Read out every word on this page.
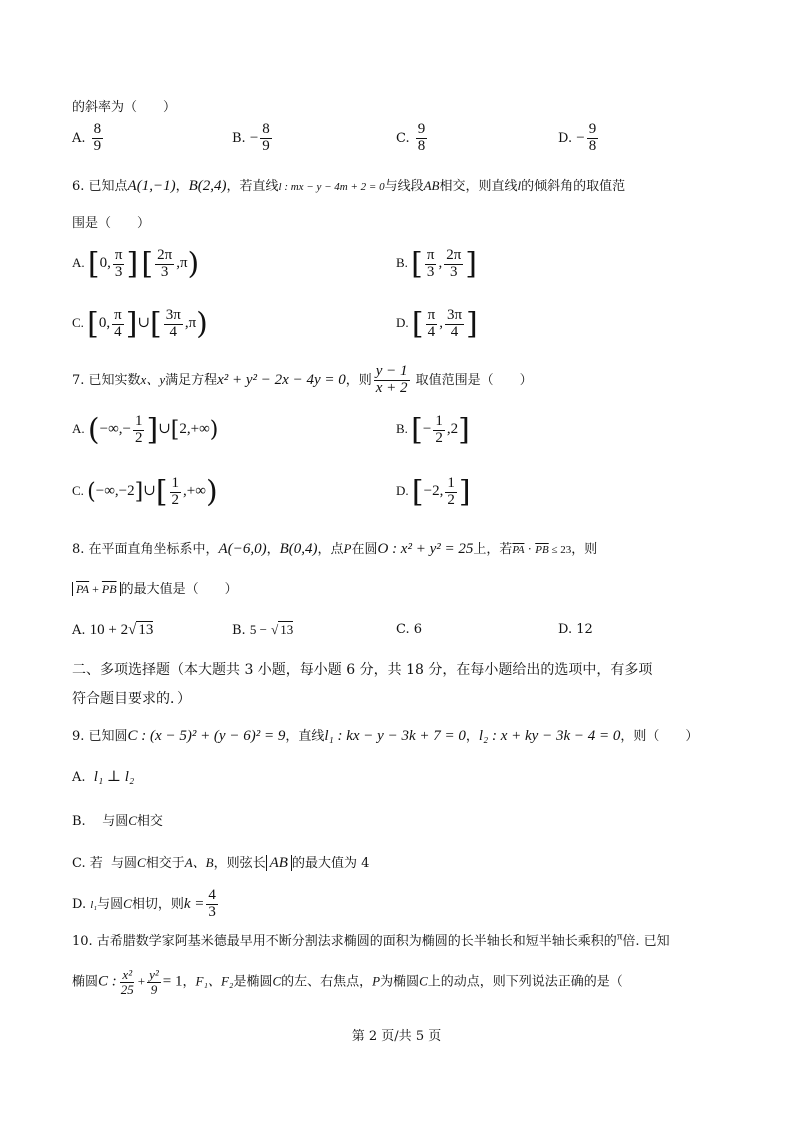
的斜率为（　　）
A. $\frac{8}{9}$	B. − $\frac{8}{9}$	C. $\frac{9}{8}$	D. − $\frac{9}{8}$
6. 已知点A(1,−1)，B(2,4)，若直线l : mx − y − 4m + 2 = 0与线段AB相交，则直线l的倾斜角的取值范
围是（　　）
A. [0, $\frac{\pi}{3}$ ] [ $\frac{2\pi}{3} ,\pi$)	B. [ $\frac{\pi}{3}$ , $\frac{2\pi}{3}$ ]
C. [0, $\frac{\pi}{4}$ ]∪[ $\frac{3\pi}{4} ,\pi$)	D. [ $\frac{\pi}{4}$ , $\frac{3\pi}{4}$ ]
7. 已知实数x、y满足方程x² + y² − 2x − 4y = 0，则 $\frac{y - 1}{x + 2}$ 取值范围是（　　）
A. (−∞,− $\frac{1}{2}$ ]∪[2,+∞)	B. [− $\frac{1}{2} ,2$]
C. (−∞,−2]∪[ $\frac{1}{2}$ ,+∞)	D. [−2, $\frac{1}{2}$ ]
8. 在平面直角坐标系中，A(−6,0)，B(0,4)，点P在圆O : x² + y² = 25上，若$\overline{PA} \cdot \overline{PB} \le 23$，则
$\overline{PA} + \overline{PB}$ 的最大值是（　　）
A. 10 + 2√ 13	B. 5 − √ 13	C. 6	D. 12
二、多项选择题（本大题共 3 小题，每小题 6 分，共 18 分，在每小题给出的选项中，有多项
符合题目要求的．）
9. 已知圆C : (x − 5)² + (y − 6)² = 9，直线l₁ : kx − y − 3k + 7 = 0，l₂ : x + ky − 3k − 4 = 0，则（　　）
A. l₁ ⊥ l₂
B. 与圆C相交
C. 若 与圆C相交于A、B，则弦长 AB 的最大值为 4
D. l₁与圆C相切，则$k = \frac{4}{3}$
10. 古希腊数学家阿基米德最早用不断分割法求椭圆的面积为椭圆的长半轴长和短半轴长乘积的$^\pi$倍. 已知
椭圆C : $\frac{\text{x²}}{25} + \frac{\text{y²}}{9} = 1$，F₁、F₂是椭圆C的左、右焦点，P为椭圆C上的动点，则下列说法正确的是（
第 2 页/共 5 页
